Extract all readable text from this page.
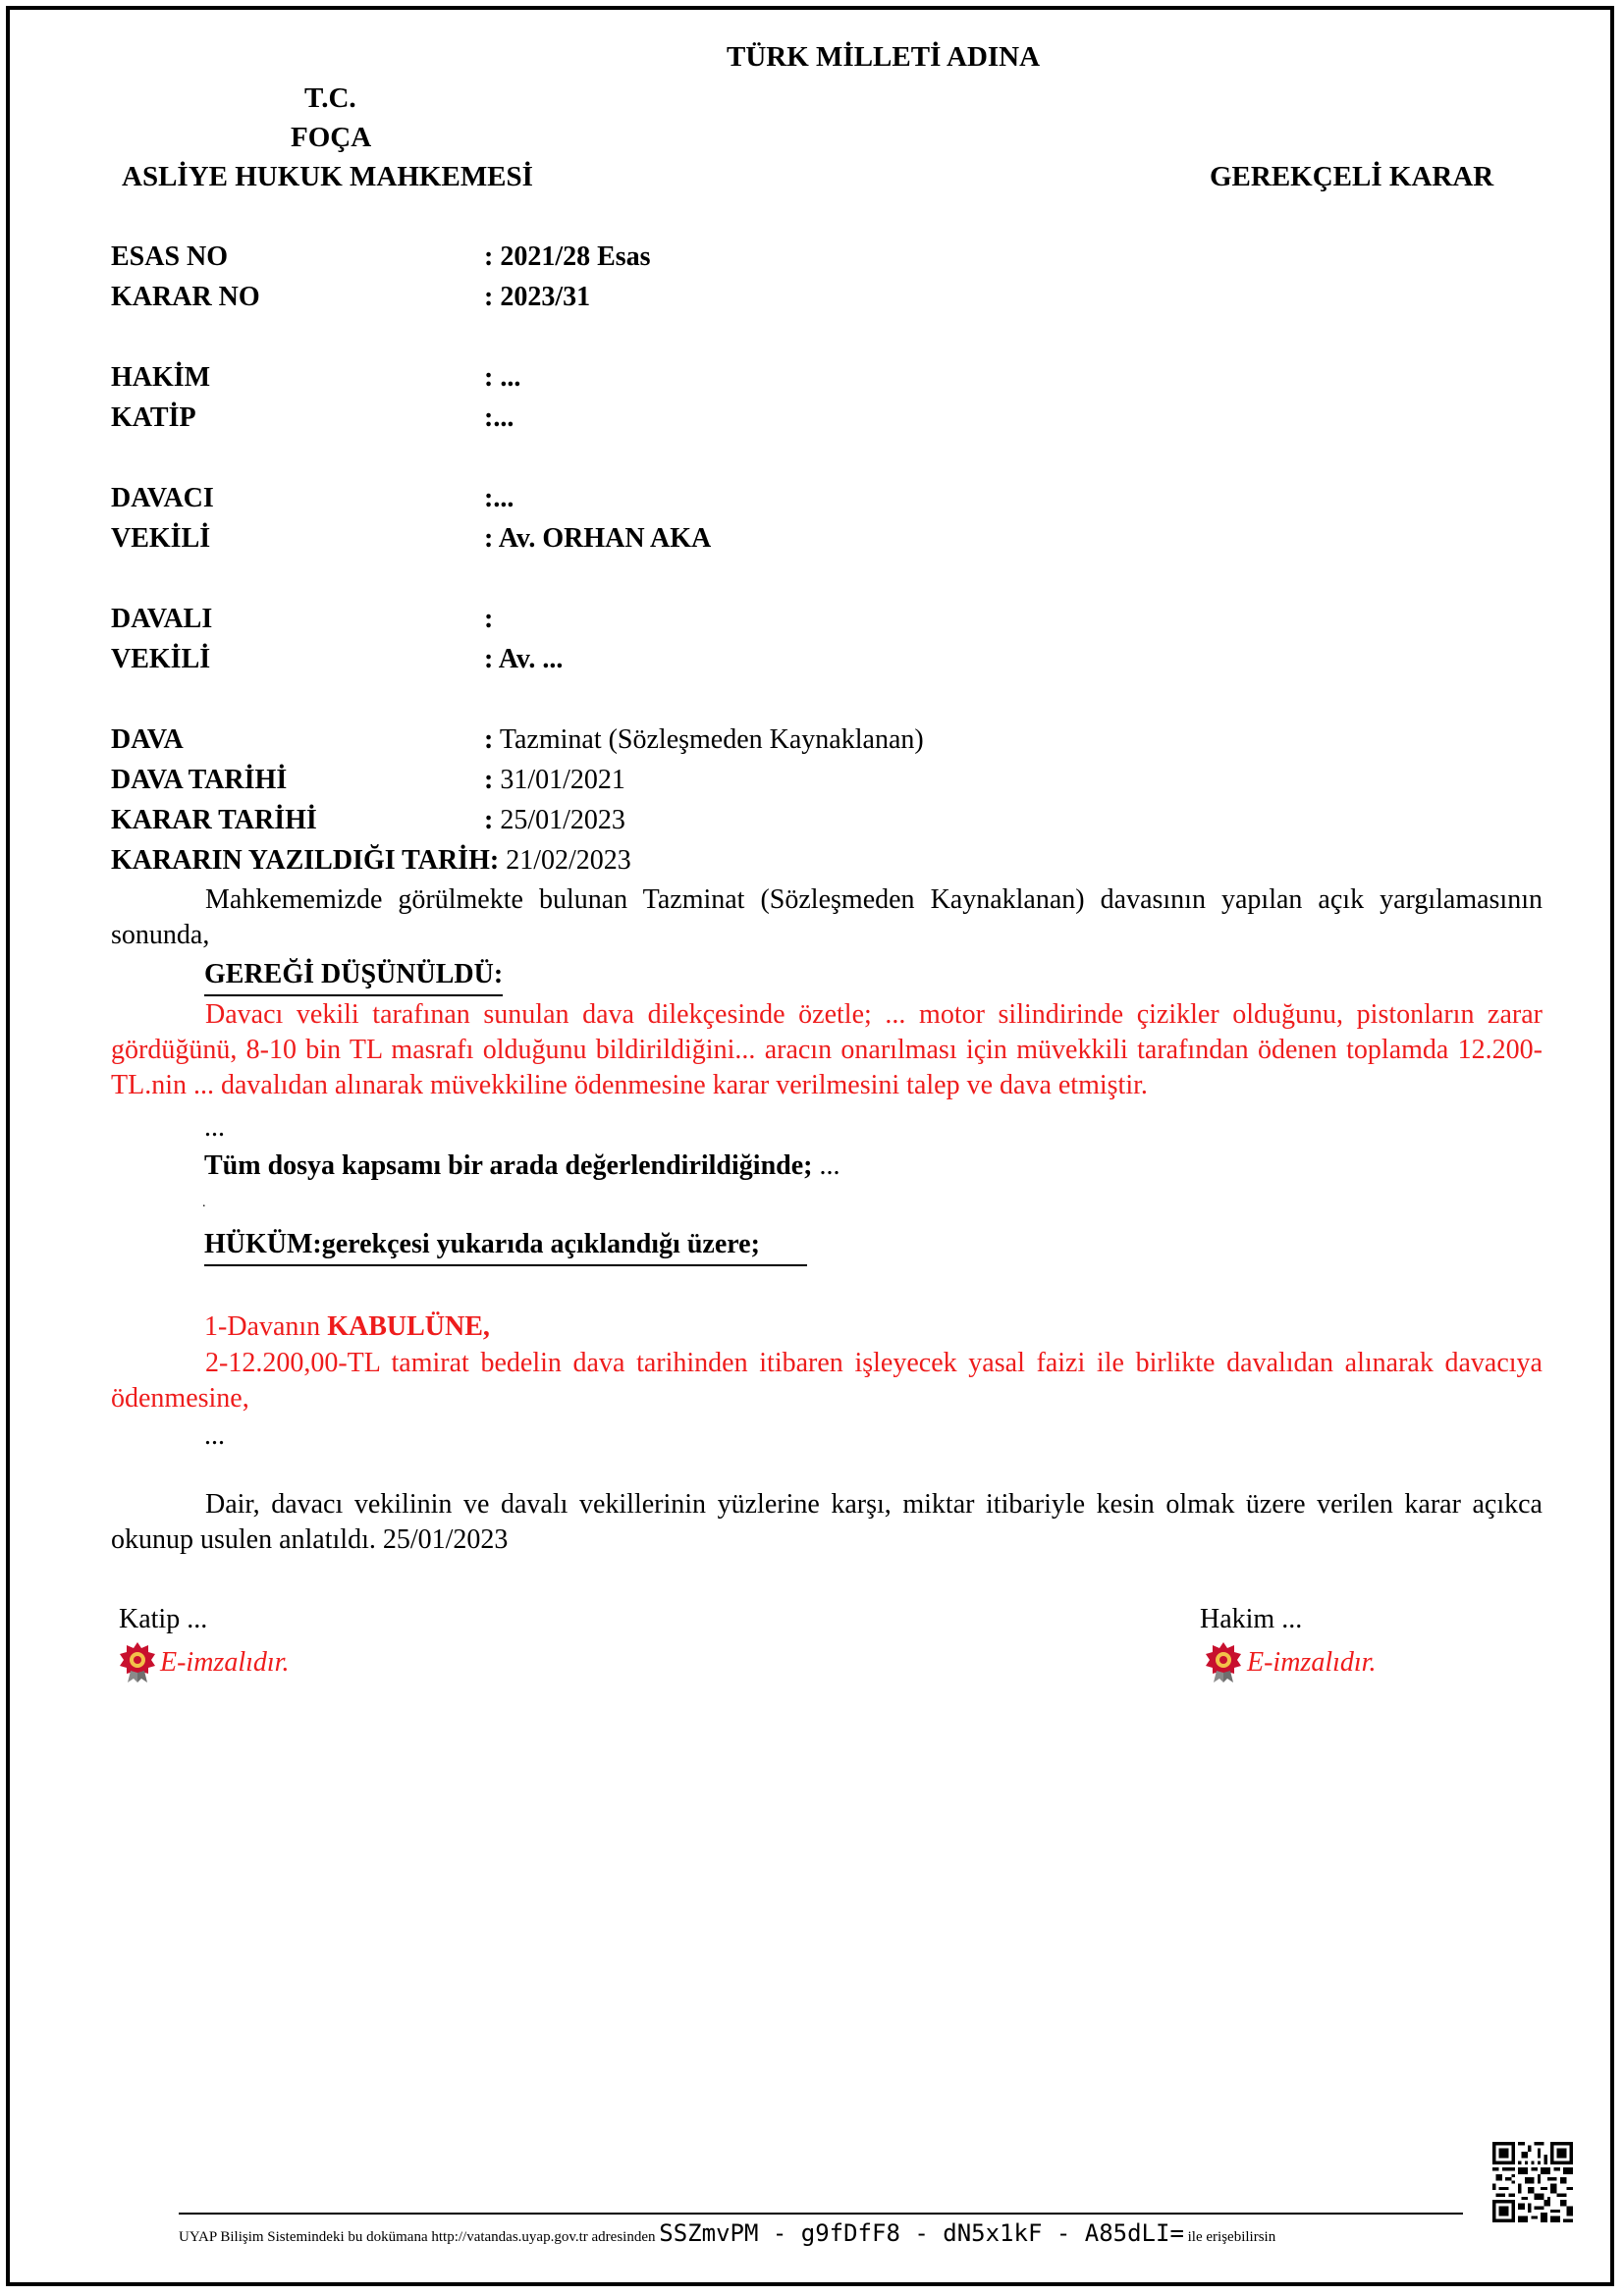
TÜRK MİLLETİ ADINA
T.C.
FOÇA
ASLİYE HUKUK MAHKEMESİ	GEREKÇELİ KARAR
ESAS NO	: 2021/28 Esas
KARAR NO	: 2023/31
HAKİM	: ...
KATİP	:...
DAVACI	:...
VEKİLİ	: Av. ORHAN AKA
DAVALI	:
VEKİLİ	: Av. ...
DAVA	: Tazminat (Sözleşmeden Kaynaklanan)
DAVA TARİHİ	: 31/01/2021
KARAR TARİHİ	: 25/01/2023
KARARIN YAZILDIĞI TARİH: 21/02/2023
Mahkememizde görülmekte bulunan Tazminat (Sözleşmeden Kaynaklanan) davasının yapılan açık yargılamasının sonunda,
GEREĞİ DÜŞÜNÜLDÜ:
Davacı vekili tarafınan sunulan dava dilekçesinde özetle; ... motor silindirinde çizikler olduğunu, pistonların zarar gördüğünü, 8-10 bin TL masrafı olduğunu bildirildiğini... aracın onarılması için müvekkili tarafından ödenen toplamda 12.200-TL.nin ... davalıdan alınarak müvekkiline ödenmesine karar verilmesini talep ve dava etmiştir.
...
Tüm dosya kapsamı bir arada değerlendirildiğinde; ...
.
HÜKÜM:gerekçesi yukarıda açıklandığı üzere;
1-Davanın KABULÜNE,
2-12.200,00-TL tamirat bedelin dava tarihinden itibaren işleyecek yasal faizi ile birlikte davalıdan alınarak davacıya ödenmesine,
...
Dair, davacı vekilinin ve davalı vekillerinin yüzlerine karşı, miktar itibariyle kesin olmak üzere verilen karar açıkca okunup usulen anlatıldı. 25/01/2023
Katip ...	Hakim ...
E-imzalıdır.	E-imzalıdır.
UYAP Bilişim Sistemindeki bu dokümana http://vatandas.uyap.gov.tr adresinden SSZmvPM - g9fDfF8 - dN5x1kF - A85dLI= ile erişebilirsin
